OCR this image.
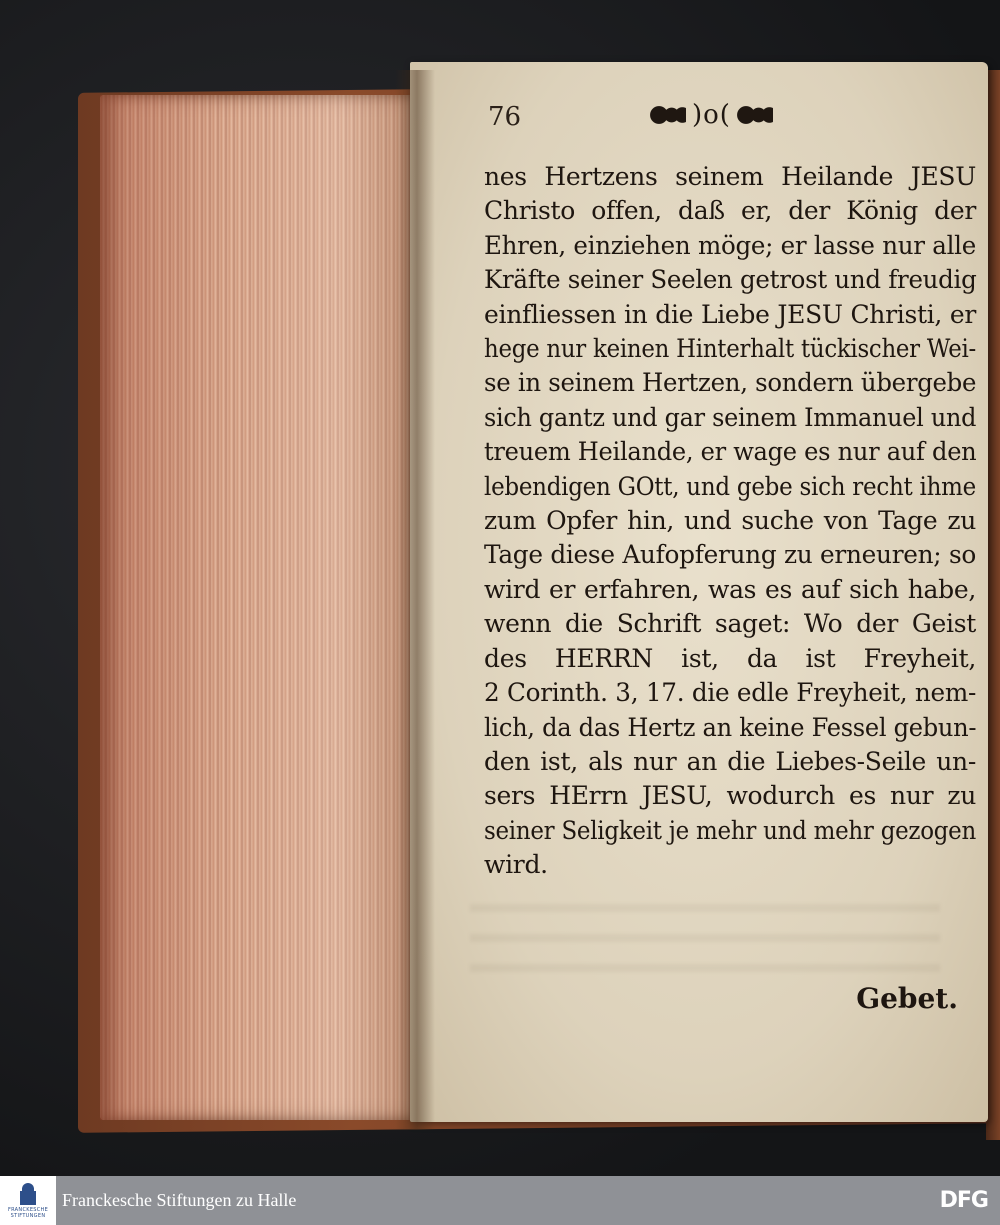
76	)o(
nes Hertzens seinem Heilande JESU
Christo offen, daß er, der König der
Ehren, einziehen möge; er lasse nur alle
Kräfte seiner Seelen getrost und freudig
einfliessen in die Liebe JESU Christi, er
hege nur keinen Hinterhalt tückischer Wei-
se in seinem Hertzen, sondern übergebe
sich gantz und gar seinem Immanuel und
treuem Heilande, er wage es nur auf den
lebendigen GOtt, und gebe sich recht ihme
zum Opfer hin, und suche von Tage zu
Tage diese Aufopferung zu erneuren; so
wird er erfahren, was es auf sich habe,
wenn die Schrift saget: Wo der Geist
des HERRN ist, da ist Freyheit,
2 Corinth. 3, 17. die edle Freyheit, nem-
lich, da das Hertz an keine Fessel gebun-
den ist, als nur an die Liebes-Seile un-
sers HErrn JESU, wodurch es nur zu
seiner Seligkeit je mehr und mehr gezogen
wird.
Gebet.
FRANCKESCHE
STIFTUNGEN
Franckesche Stiftungen zu Halle	DFG
